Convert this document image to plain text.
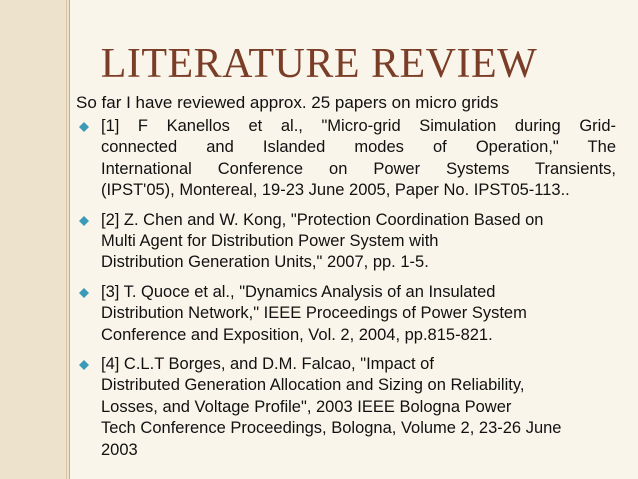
LITERATURE REVIEW
So far I have reviewed approx. 25 papers on micro grids
[1] F Kanellos et al., "Micro-grid Simulation during Grid-
connected and Islanded modes of Operation," The
International Conference on Power Systems Transients,
(IPST'05), Montereal, 19-23 June 2005, Paper No. IPST05-113..
[2] Z. Chen and W. Kong, "Protection Coordination Based on
Multi Agent for Distribution Power System with
Distribution Generation Units," 2007, pp. 1-5.
[3] T. Quoce et al., "Dynamics Analysis of an Insulated
Distribution Network," IEEE Proceedings of Power System
Conference and Exposition, Vol. 2, 2004, pp.815-821.
[4] C.L.T Borges, and D.M. Falcao, "Impact of
Distributed Generation Allocation and Sizing on Reliability,
Losses, and Voltage Profile", 2003 IEEE Bologna Power
Tech Conference Proceedings, Bologna, Volume 2, 23-26 June
2003
